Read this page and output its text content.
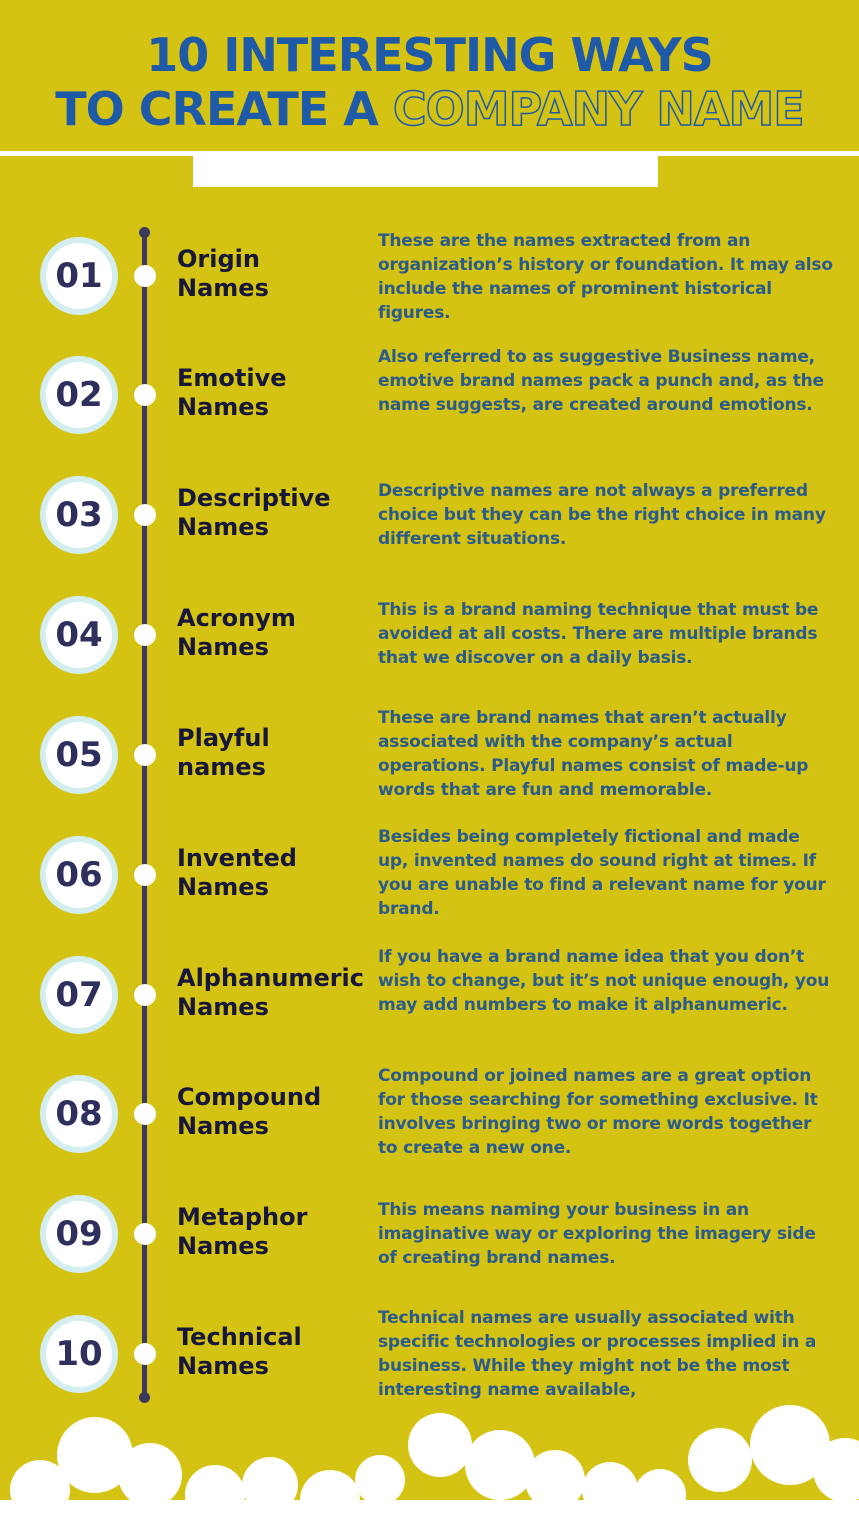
10 INTERESTING WAYS
TO CREATE A COMPANY NAME
01	Origin
Names
These are the names extracted from an organization’s history or foundation. It may also include the names of prominent historical figures.
02	Emotive
Names
Also referred to as suggestive Business name, emotive brand names pack a punch and, as the name suggests, are created around emotions.
03	Descriptive
Names
Descriptive names are not always a preferred choice but they can be the right choice in many different situations.
04	Acronym
Names
This is a brand naming technique that must be avoided at all costs. There are multiple brands that we discover on a daily basis.
05	Playful
names
These are brand names that aren’t actually associated with the company’s actual operations. Playful names consist of made-up words that are fun and memorable.
06	Invented
Names
Besides being completely fictional and made up, invented names do sound right at times. If you are unable to find a relevant name for your brand.
07	Alphanumeric
Names
If you have a brand name idea that you don’t wish to change, but it’s not unique enough, you may add numbers to make it alphanumeric.
08	Compound
Names
Compound or joined names are a great option for those searching for something exclusive. It involves bringing two or more words together to create a new one.
09	Metaphor
Names
This means naming your business in an imaginative way or exploring the imagery side of creating brand names.
10	Technical
Names
Technical names are usually associated with specific technologies or processes implied in a business. While they might not be the most interesting name available,
